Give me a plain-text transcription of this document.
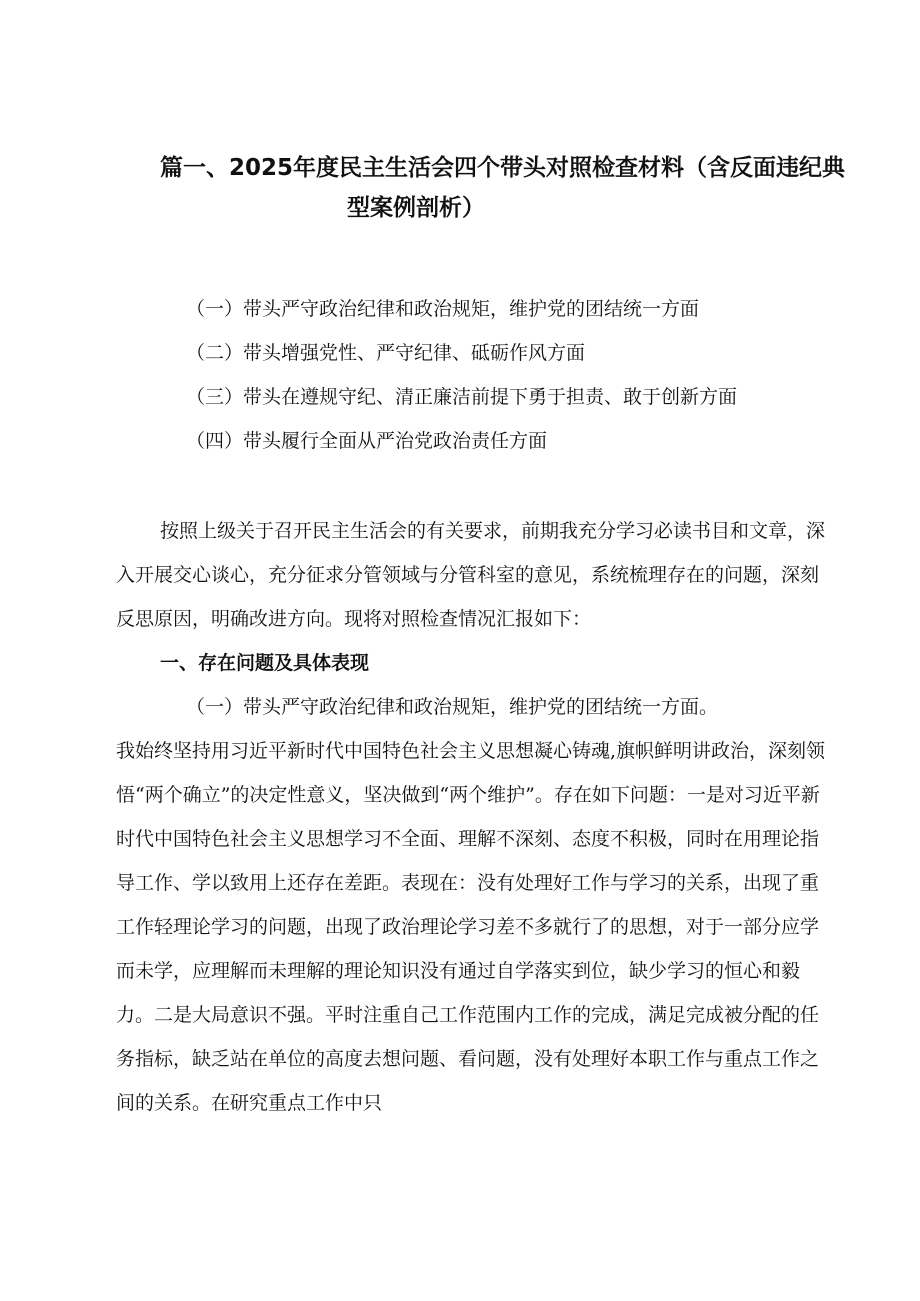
篇一、2025年度民主生活会四个带头对照检查材料（含反面违纪典
型案例剖析）
（一）带头严守政治纪律和政治规矩，维护党的团结统一方面
（二）带头增强党性、严守纪律、砥砺作风方面
（三）带头在遵规守纪、清正廉洁前提下勇于担责、敢于创新方面
（四）带头履行全面从严治党政治责任方面

按照上级关于召开民主生活会的有关要求，前期我充分学习必读书目和文章，深入开展交心谈心，充分征求分管领域与分管科室的意见，系统梳理存在的问题，深刻反思原因，明确改进方向。现将对照检查情况汇报如下：

一、存在问题及具体表现

（一）带头严守政治纪律和政治规矩，维护党的团结统一方面。
我始终坚持用习近平新时代中国特色社会主义思想凝心铸魂,旗帜鲜明讲政治，深刻领悟“两个确立”的决定性意义，坚决做到“两个维护”。存在如下问题：一是对习近平新时代中国特色社会主义思想学习不全面、理解不深刻、态度不积极，同时在用理论指导工作、学以致用上还存在差距。表现在：没有处理好工作与学习的关系，出现了重工作轻理论学习的问题，出现了政治理论学习差不多就行了的思想，对于一部分应学而未学，应理解而未理解的理论知识没有通过自学落实到位，缺少学习的恒心和毅力。二是大局意识不强。平时注重自己工作范围内工作的完成，满足完成被分配的任务指标，缺乏站在单位的高度去想问题、看问题，没有处理好本职工作与重点工作之间的关系。在研究重点工作中只
